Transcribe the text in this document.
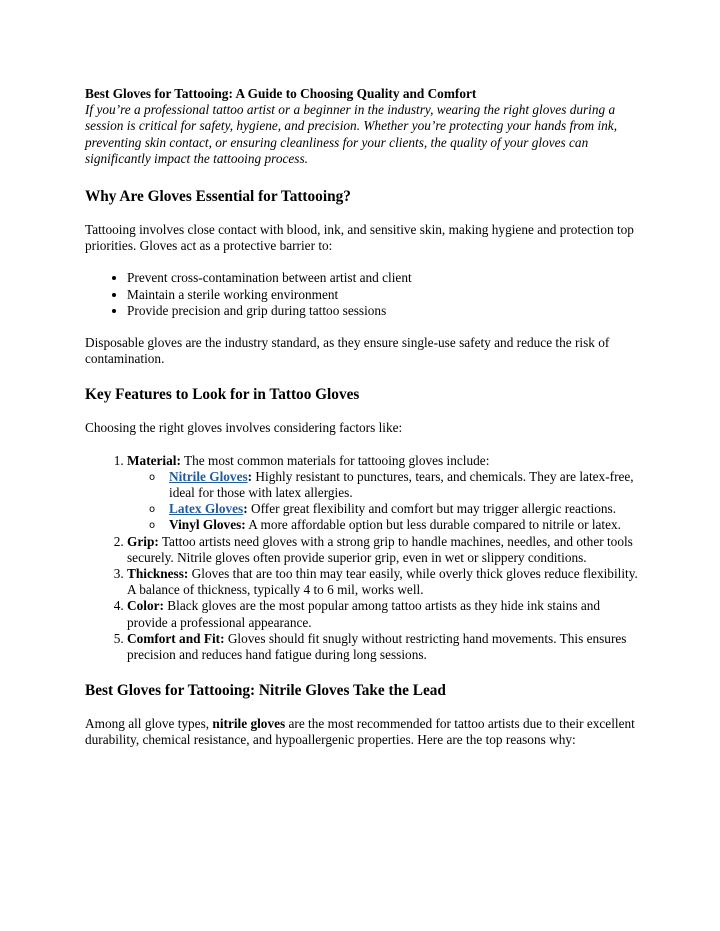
Best Gloves for Tattooing: A Guide to Choosing Quality and Comfort

If you’re a professional tattoo artist or a beginner in the industry, wearing the right gloves during a session is critical for safety, hygiene, and precision. Whether you’re protecting your hands from ink, preventing skin contact, or ensuring cleanliness for your clients, the quality of your gloves can significantly impact the tattooing process.

Why Are Gloves Essential for Tattooing?

Tattooing involves close contact with blood, ink, and sensitive skin, making hygiene and protection top priorities. Gloves act as a protective barrier to:

• Prevent cross-contamination between artist and client
• Maintain a sterile working environment
• Provide precision and grip during tattoo sessions

Disposable gloves are the industry standard, as they ensure single-use safety and reduce the risk of contamination.

Key Features to Look for in Tattoo Gloves

Choosing the right gloves involves considering factors like:

1. Material: The most common materials for tattooing gloves include:
o Nitrile Gloves: Highly resistant to punctures, tears, and chemicals. They are latex-free, ideal for those with latex allergies.
o Latex Gloves: Offer great flexibility and comfort but may trigger allergic reactions.
o Vinyl Gloves: A more affordable option but less durable compared to nitrile or latex.
2. Grip: Tattoo artists need gloves with a strong grip to handle machines, needles, and other tools securely. Nitrile gloves often provide superior grip, even in wet or slippery conditions.
3. Thickness: Gloves that are too thin may tear easily, while overly thick gloves reduce flexibility. A balance of thickness, typically 4 to 6 mil, works well.
4. Color: Black gloves are the most popular among tattoo artists as they hide ink stains and provide a professional appearance.
5. Comfort and Fit: Gloves should fit snugly without restricting hand movements. This ensures precision and reduces hand fatigue during long sessions.
Best Gloves for Tattooing: Nitrile Gloves Take the Lead

Among all glove types, nitrile gloves are the most recommended for tattoo artists due to their excellent durability, chemical resistance, and hypoallergenic properties. Here are the top reasons why:
